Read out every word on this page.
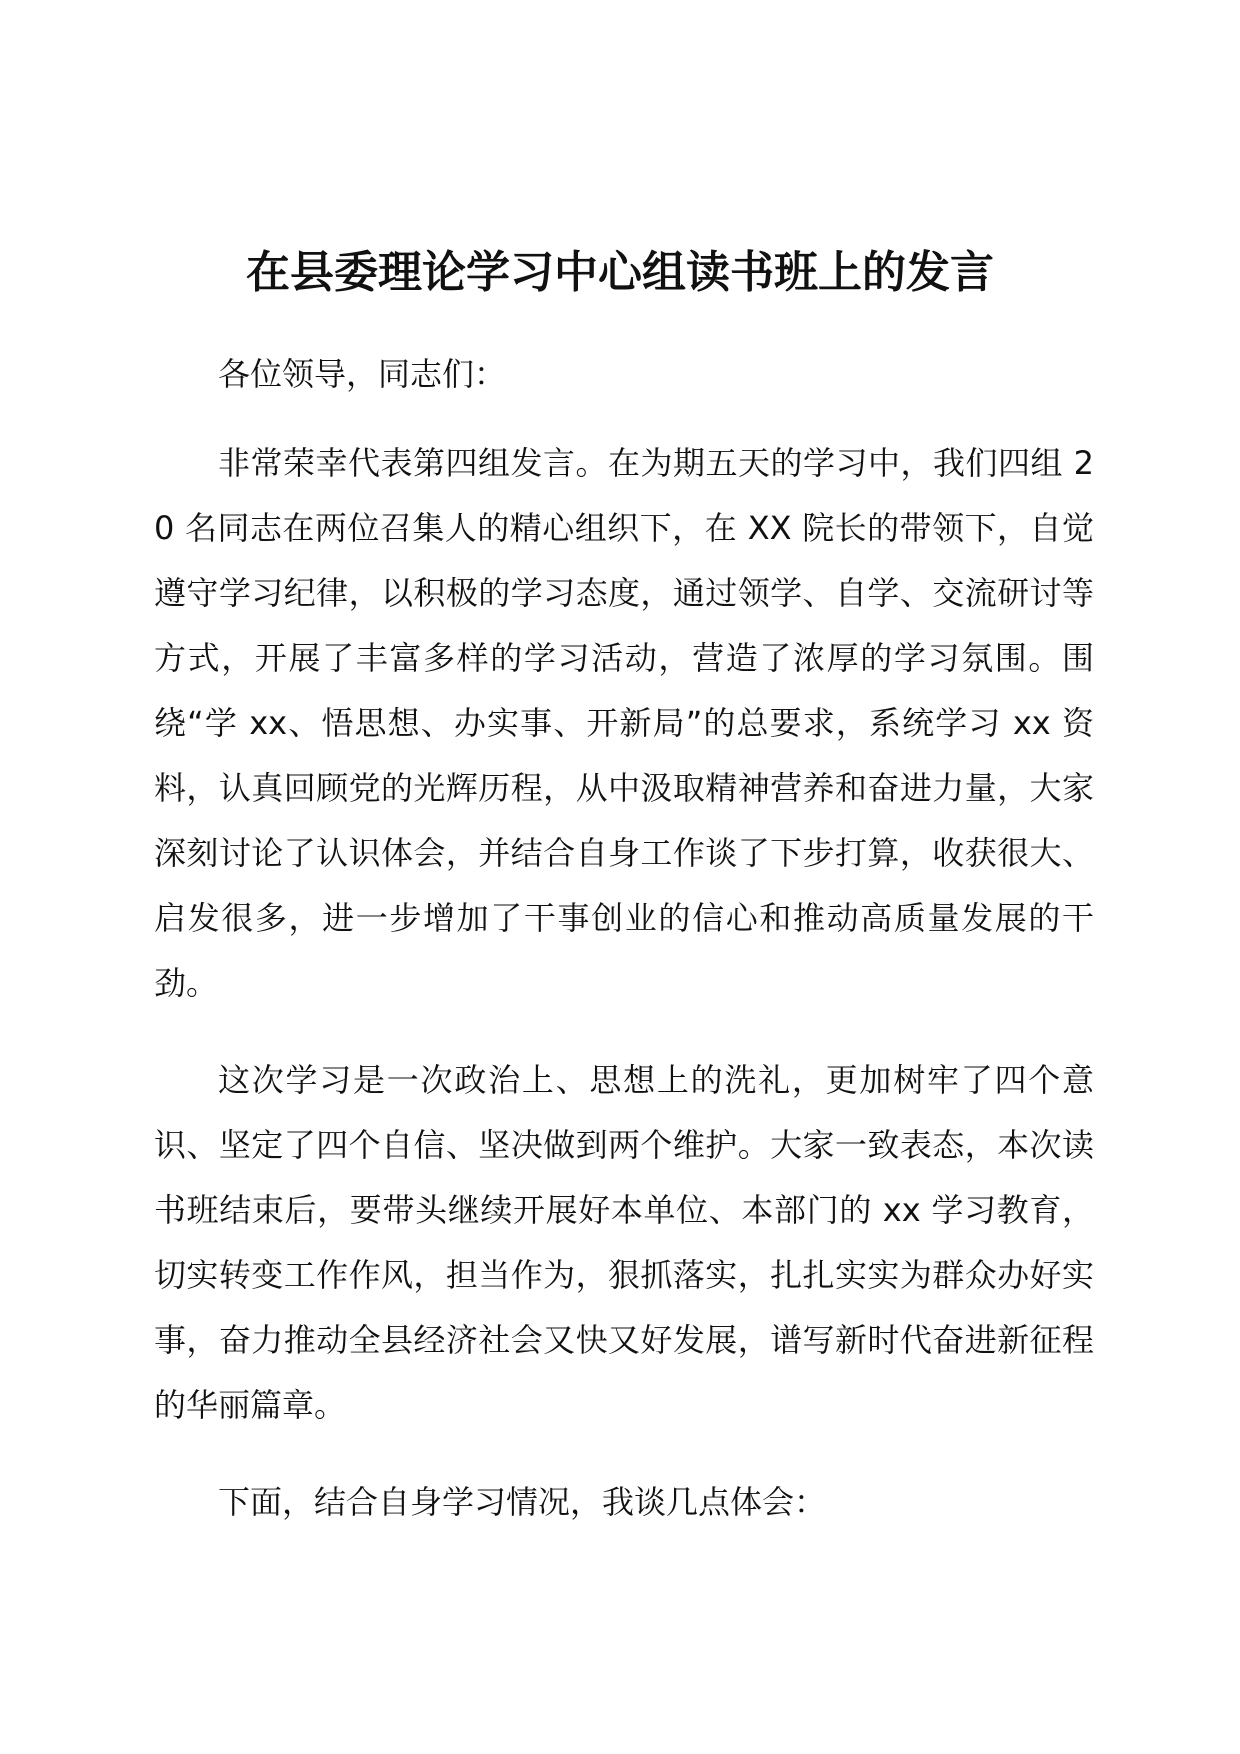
在县委理论学习中心组读书班上的发言

各位领导，同志们：

非常荣幸代表第四组发言。在为期五天的学习中，我们四组 20 名同志在两位召集人的精心组织下，在 XX 院长的带领下，自觉遵守学习纪律，以积极的学习态度，通过领学、自学、交流研讨等方式，开展了丰富多样的学习活动，营造了浓厚的学习氛围。围绕“学 xx、悟思想、办实事、开新局”的总要求，系统学习 xx 资料，认真回顾党的光辉历程，从中汲取精神营养和奋进力量，大家深刻讨论了认识体会，并结合自身工作谈了下步打算，收获很大、启发很多，进一步增加了干事创业的信心和推动高质量发展的干劲。

这次学习是一次政治上、思想上的洗礼，更加树牢了四个意识、坚定了四个自信、坚决做到两个维护。大家一致表态，本次读书班结束后，要带头继续开展好本单位、本部门的 xx 学习教育，切实转变工作作风，担当作为，狠抓落实，扎扎实实为群众办好实事，奋力推动全县经济社会又快又好发展，谱写新时代奋进新征程的华丽篇章。

下面，结合自身学习情况，我谈几点体会：
